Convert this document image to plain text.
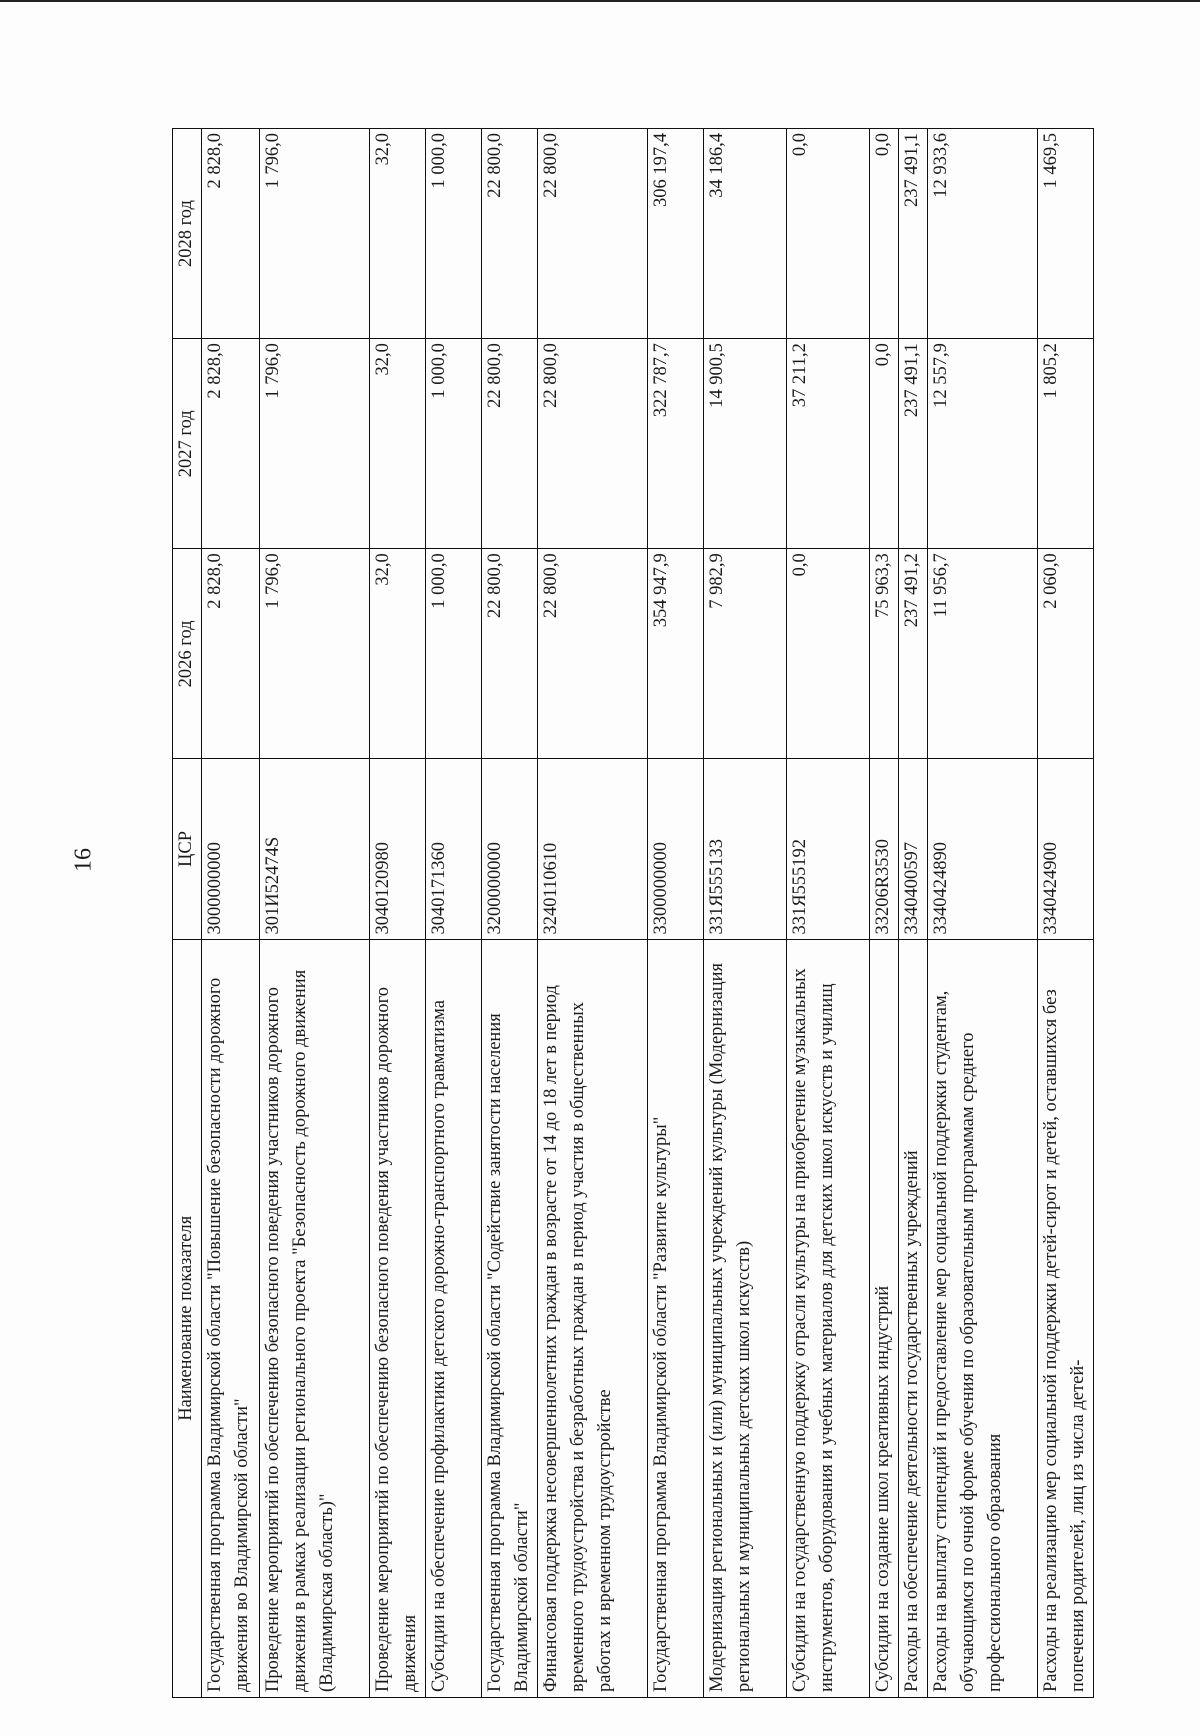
16
Наименование показателя	ЦСР	2026 год	2027 год	2028 год
Государственная программа Владимирской области "Повышение безопасности дорожного движения во Владимирской области"	3000000000	2 828,0	2 828,0	2 828,0
Проведение мероприятий по обеспечению безопасного поведения участников дорожного движения в рамках реализации регионального проекта "Безопасность дорожного движения (Владимирская область)"	301И52474S	1 796,0	1 796,0	1 796,0
Проведение мероприятий по обеспечению безопасного поведения участников дорожного движения	3040120980	32,0	32,0	32,0
Субсидии на обеспечение профилактики детского дорожно-транспортного травматизма	3040171360	1 000,0	1 000,0	1 000,0
Государственная программа Владимирской области "Содействие занятости населения Владимирской области"	3200000000	22 800,0	22 800,0	22 800,0
Финансовая поддержка несовершеннолетних граждан в возрасте от 14 до 18 лет в период временного трудоустройства и безработных граждан в период участия в общественных работах и временном трудоустройстве	3240110610	22 800,0	22 800,0	22 800,0
Государственная программа Владимирской области "Развитие культуры"	3300000000	354 947,9	322 787,7	306 197,4
Модернизация региональных и (или) муниципальных учреждений культуры (Модернизация региональных и муниципальных детских школ искусств)	331Я555133	7 982,9	14 900,5	34 186,4
Субсидии на государственную поддержку отрасли культуры на приобретение музыкальных инструментов, оборудования и учебных материалов для детских школ искусств и училищ	331Я555192	0,0	37 211,2	0,0
Субсидии на создание школ креативных индустрий	33206R3530	75 963,3	0,0	0,0
Расходы на обеспечение деятельности государственных учреждений	3340400597	237 491,2	237 491,1	237 491,1
Расходы на выплату стипендий и предоставление мер социальной поддержки студентам, обучающимся по очной форме обучения по образовательным программам среднего профессионального образования	3340424890	11 956,7	12 557,9	12 933,6
Расходы на реализацию мер социальной поддержки детей-сирот и детей, оставшихся без попечения родителей, лиц из числа детей-	3340424900	2 060,0	1 805,2	1 469,5
